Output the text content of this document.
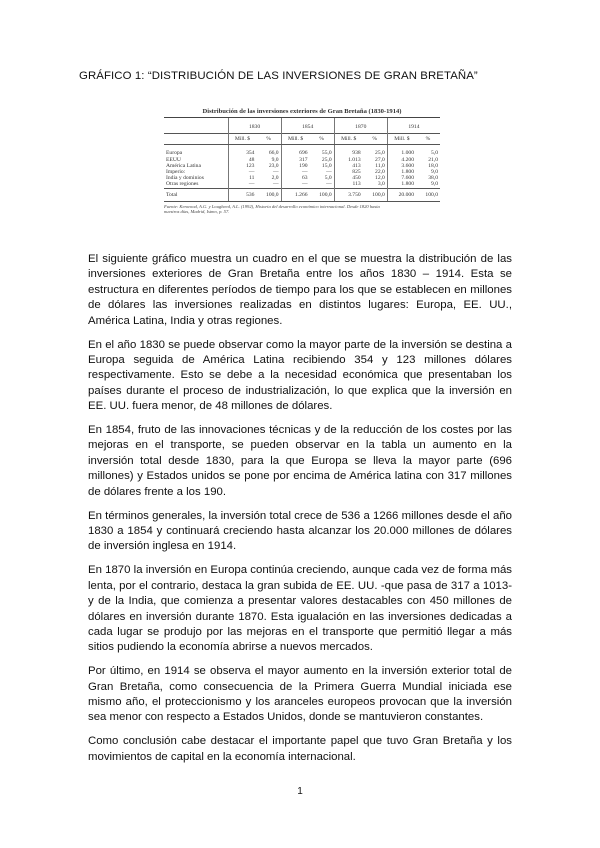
GRÁFICO 1: “DISTRIBUCIÓN DE LAS INVERSIONES DE GRAN BRETAÑA”
Distribución de las inversiones exteriores de Gran Bretaña (1830-1914)
	1830		1854		1870		1914	
	Mill. $	%	Mill. $	%	Mill. $	%	Mill. $	%
Europa	354	66,0	696	55,0	938	25,0	1.000	5,0
EEUU	48	9,0	317	25,0	1.013	27,0	4.200	21,0
América Latina	123	23,0	190	15,0	413	11,0	3.600	18,0
Imperio:	—	—	—	—	825	22,0	1.800	9,0
India y dominios	11	2,0	63	5,0	450	12,0	7.600	38,0
Otras regiones	—	—	—	—	113	3,0	1.800	9,0
Total	536	100,0	1.266	100,0	3.750	100,0	20.000	100,0
Fuente: Kenwood, A.G. y Lougheed, A.L. (1992), Historia del desarrollo económico internacional. Desde 1820 hasta
nuestros días, Madrid, Istmo, p. 57.

El siguiente gráfico muestra un cuadro en el que se muestra la distribución de las inversiones exteriores de Gran Bretaña entre los años 1830 – 1914. Esta se estructura en diferentes períodos de tiempo para los que se establecen en millones de dólares las inversiones realizadas en distintos lugares: Europa, EE. UU., América Latina, India y otras regiones.

En el año 1830 se puede observar como la mayor parte de la inversión se destina a Europa seguida de América Latina recibiendo 354 y 123 millones dólares respectivamente. Esto se debe a la necesidad económica que presentaban los países durante el proceso de industrialización, lo que explica que la inversión en EE. UU. fuera menor, de 48 millones de dólares.

En 1854, fruto de las innovaciones técnicas y de la reducción de los costes por las mejoras en el transporte, se pueden observar en la tabla un aumento en la inversión total desde 1830, para la que Europa se lleva la mayor parte (696 millones) y Estados unidos se pone por encima de América latina con 317 millones de dólares frente a los 190.

En términos generales, la inversión total crece de 536 a 1266 millones desde el año 1830 a 1854 y continuará creciendo hasta alcanzar los 20.000 millones de dólares de inversión inglesa en 1914.

En 1870 la inversión en Europa continúa creciendo, aunque cada vez de forma más lenta, por el contrario, destaca la gran subida de EE. UU. -que pasa de 317 a 1013- y de la India, que comienza a presentar valores destacables con 450 millones de dólares en inversión durante 1870. Esta igualación en las inversiones dedicadas a cada lugar se produjo por las mejoras en el transporte que permitió llegar a más sitios pudiendo la economía abrirse a nuevos mercados.

Por último, en 1914 se observa el mayor aumento en la inversión exterior total de Gran Bretaña, como consecuencia de la Primera Guerra Mundial iniciada ese mismo año, el proteccionismo y los aranceles europeos provocan que la inversión sea menor con respecto a Estados Unidos, donde se mantuvieron constantes.

Como conclusión cabe destacar el importante papel que tuvo Gran Bretaña y los movimientos de capital en la economía internacional.

1
